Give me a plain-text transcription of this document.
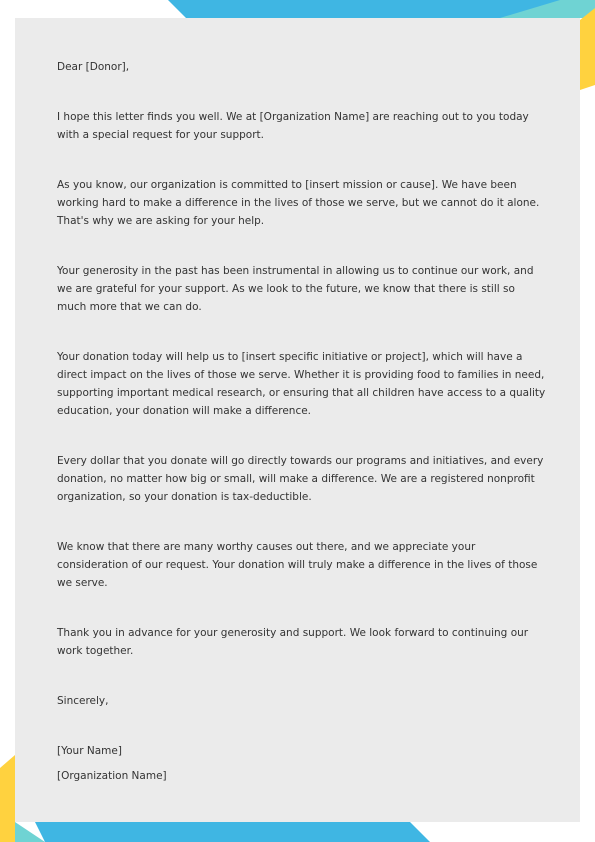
Dear [Donor],

I hope this letter finds you well. We at [Organization Name] are reaching out to you today with a special request for your support.

As you know, our organization is committed to [insert mission or cause]. We have been working hard to make a difference in the lives of those we serve, but we cannot do it alone. That's why we are asking for your help.

Your generosity in the past has been instrumental in allowing us to continue our work, and we are grateful for your support. As we look to the future, we know that there is still so much more that we can do.

Your donation today will help us to [insert specific initiative or project], which will have a direct impact on the lives of those we serve. Whether it is providing food to families in need, supporting important medical research, or ensuring that all children have access to a quality education, your donation will make a difference.

Every dollar that you donate will go directly towards our programs and initiatives, and every donation, no matter how big or small, will make a difference. We are a registered nonprofit organization, so your donation is tax-deductible.

We know that there are many worthy causes out there, and we appreciate your consideration of our request. Your donation will truly make a difference in the lives of those we serve.

Thank you in advance for your generosity and support. We look forward to continuing our work together.

Sincerely,

[Your Name]

[Organization Name]
